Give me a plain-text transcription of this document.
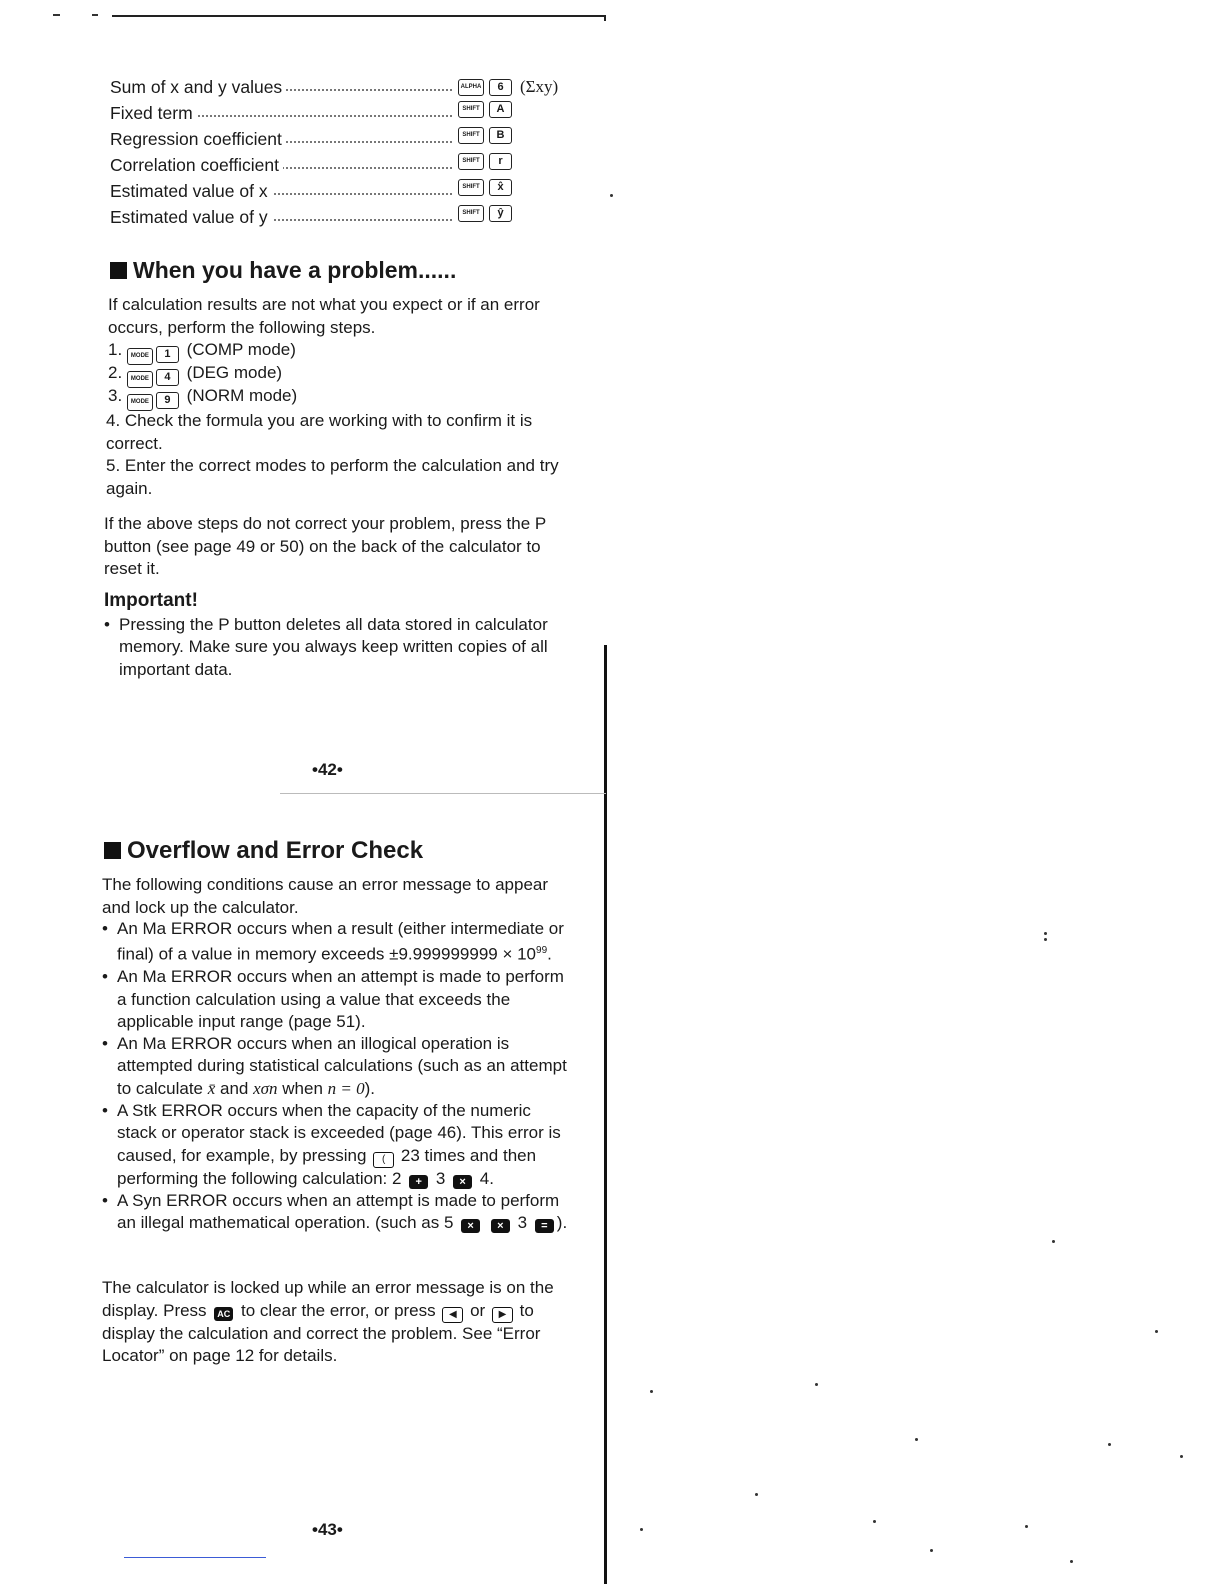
Sum of x and y values	ALPHA	6 (Σxy)
Fixed term	SHIFT	A
Regression coefficient	SHIFT	B
Correlation coefficient	SHIFT	r
Estimated value of x	SHIFT	x̂
Estimated value of y	SHIFT	ŷ
When you have a problem......

If calculation results are not what you expect or if an error occurs, perform the following steps.

1. MODE 1 (COMP mode)
2. MODE 4 (DEG mode)
3. MODE 9 (NORM mode)

4. Check the formula you are working with to confirm it is correct.

5. Enter the correct modes to perform the calculation and try again.

If the above steps do not correct your problem, press the P button (see page 49 or 50) on the back of the calculator to reset it.

Important!
• Pressing the P button deletes all data stored in calculator memory. Make sure you always keep written copies of all important data.
•42•
Overflow and Error Check

The following conditions cause an error message to appear and lock up the calculator.

• An Ma ERROR occurs when a result (either intermediate or final) of a value in memory exceeds $\pm 9.999999999 \times 10^{99}$.
• An Ma ERROR occurs when an attempt is made to perform a function calculation using a value that exceeds the applicable input range (page 51).
• An Ma ERROR occurs when an illogical operation is attempted during statistical calculations (such as an attempt to calculate x̄ and xσn when n = 0).
• A Stk ERROR occurs when the capacity of the numeric stack or operator stack is exceeded (page 46). This error is caused, for example, by pressing ( 23 times and then performing the following calculation: 2 + 3 × 4.
• A Syn ERROR occurs when an attempt is made to perform an illegal mathematical operation. (such as 5 × × 3 = ).

The calculator is locked up while an error message is on the display. Press AC to clear the error, or press ◀ or ▶ to display the calculation and correct the problem. See “Error Locator” on page 12 for details.

•43•
